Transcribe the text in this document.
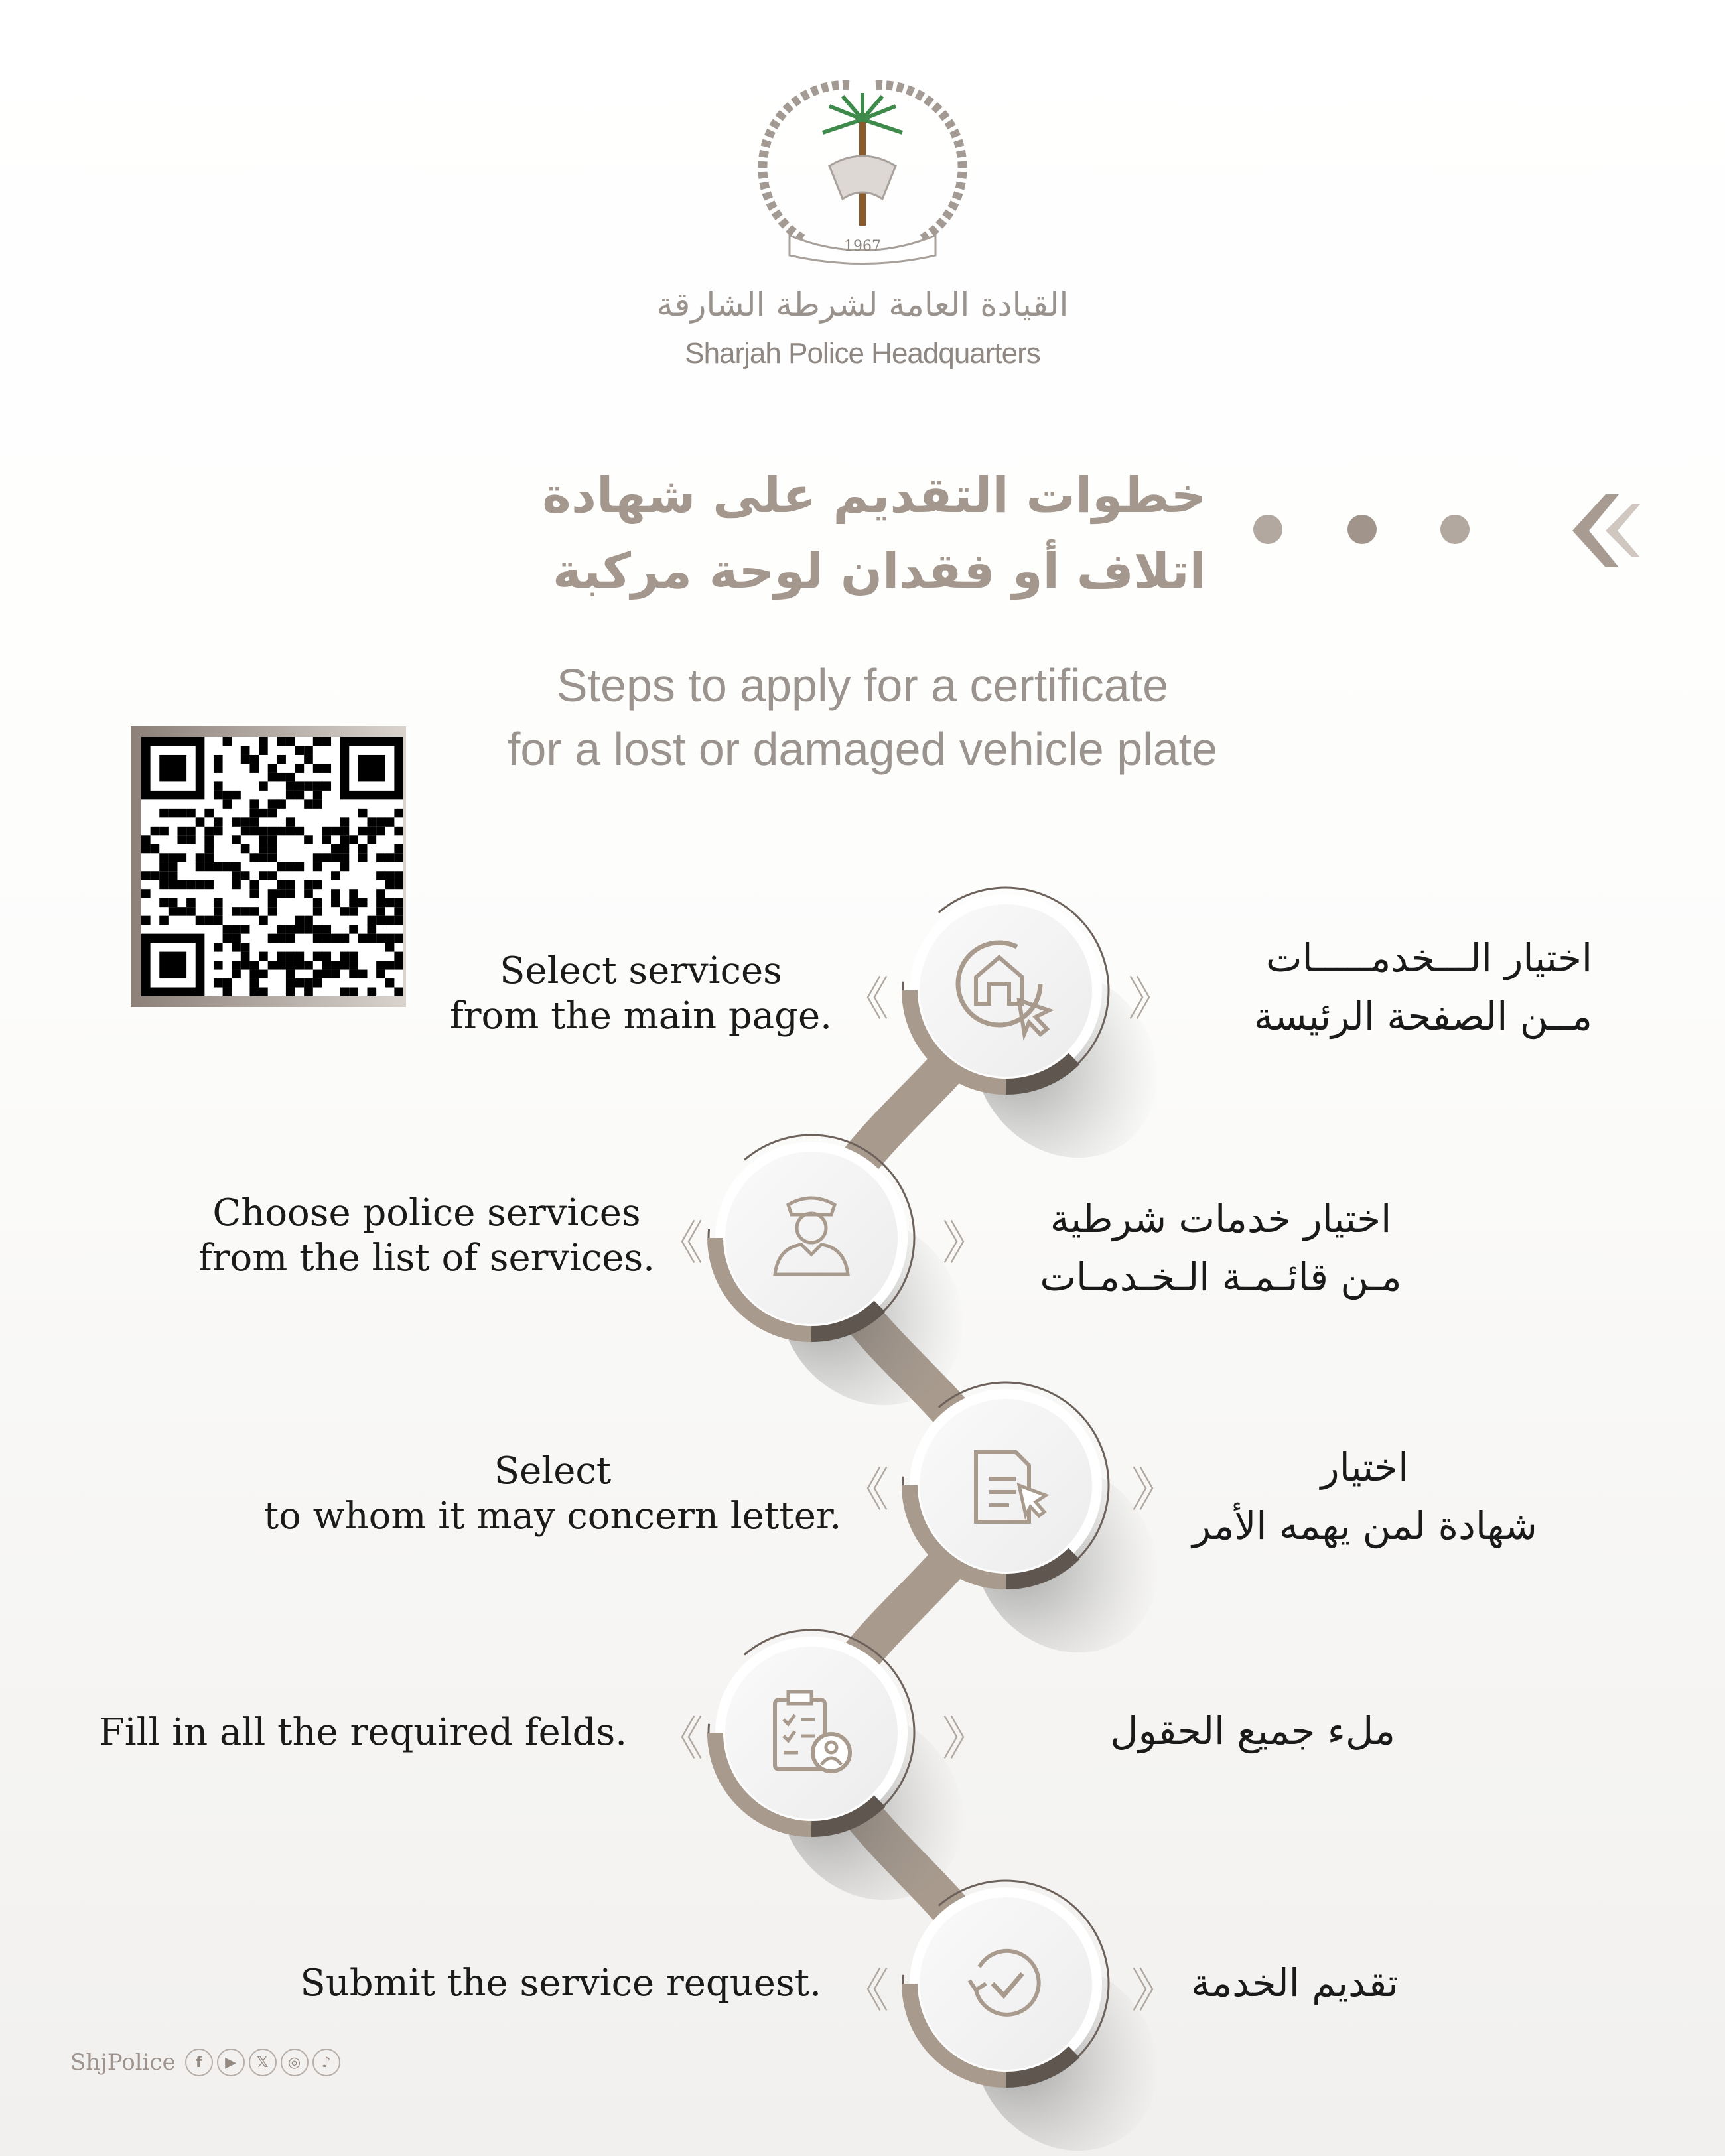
1967
القيادة العامة لشرطة الشارقة
Sharjah Police Headquarters
خطوات التقديم على شهادة
اتلاف أو فقدان لوحة مركبة
Steps to apply for a certificate
for a lost or damaged vehicle plate
Select services
from the main page. 《	》
اختيار الـــخدمـــــات
مــن الصفحة الرئيسة
Choose police services
from the list of services. 《	》	اختيار خدمات شرطية
مـن قائـمـة الـخـدمـات
Select
to whom it may concern letter. 《	》	اختيار
شهادة لمن يهمه الأمر
Fill in all the required felds. 《	》	ملء جميع الحقول
Submit the service request. 《	》 تقديم الخدمة
ShjPolice	f	▶	𝕏	◎	♪
